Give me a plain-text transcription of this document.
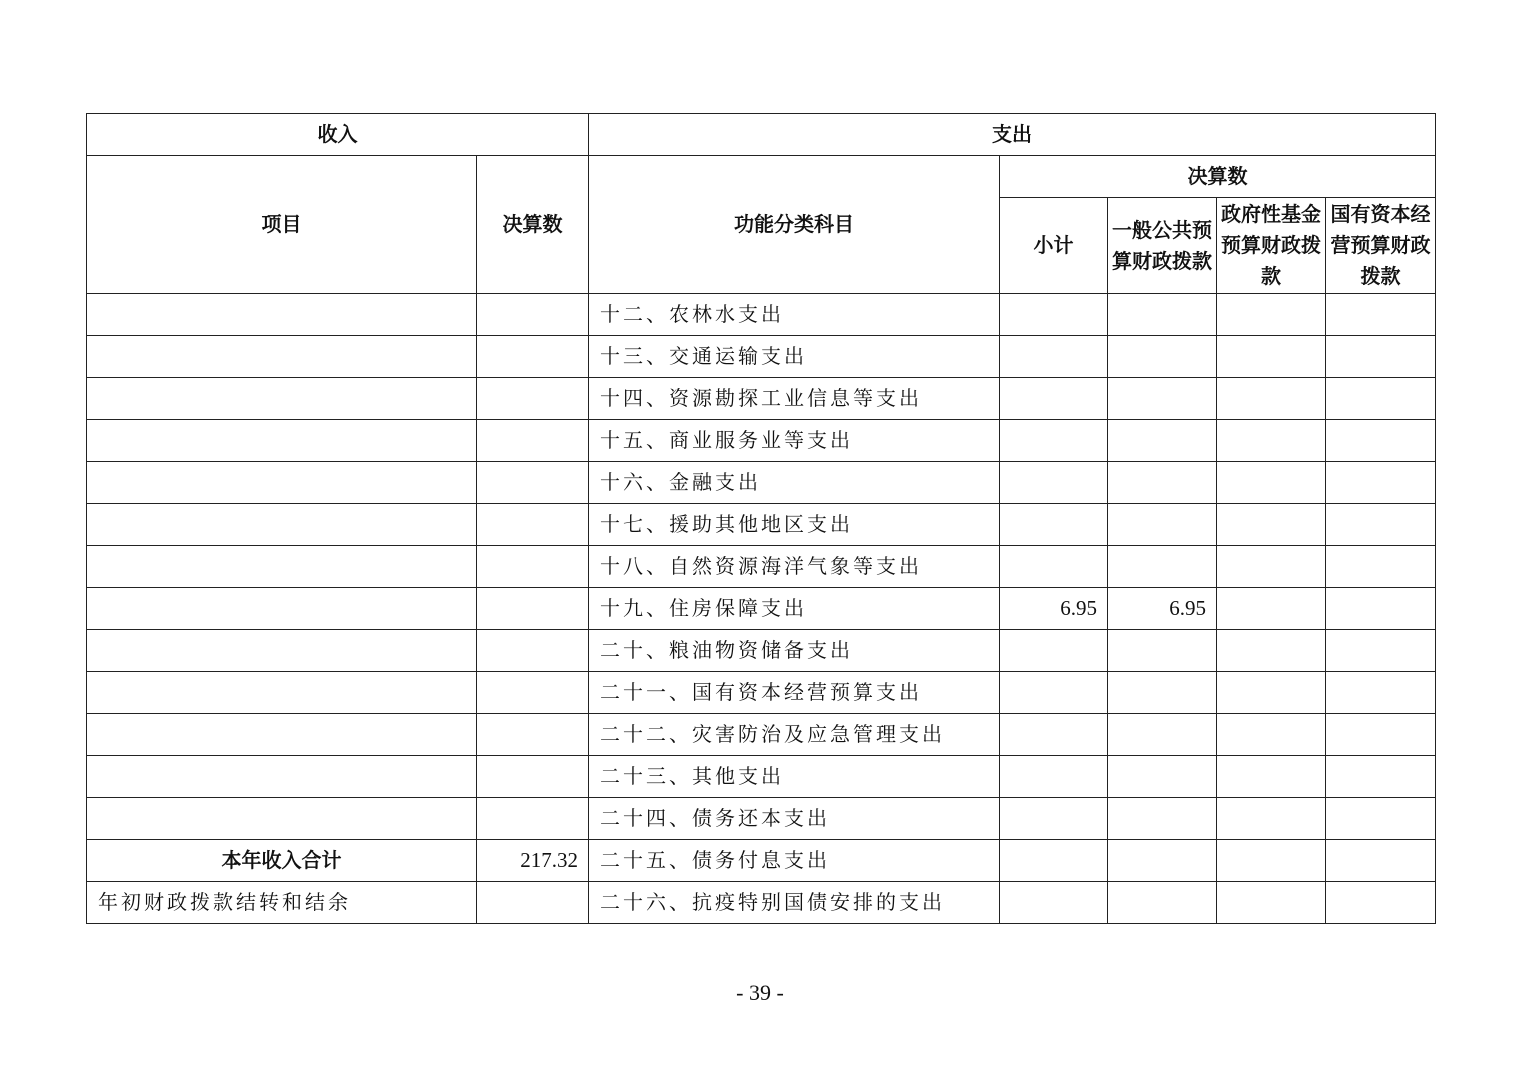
收入		支出				
项目	决算数	功能分类科目	决算数			
			小计	一般公共预算财政拨款	政府性基金预算财政拨款	国有资本经营预算财政拨款
		十二、农林水支出				
		十三、交通运输支出				
		十四、资源勘探工业信息等支出				
		十五、商业服务业等支出				
		十六、金融支出				
		十七、援助其他地区支出				
		十八、自然资源海洋气象等支出				
		十九、住房保障支出	6.95	6.95		
		二十、粮油物资储备支出				
		二十一、国有资本经营预算支出				
		二十二、灾害防治及应急管理支出				
		二十三、其他支出				
		二十四、债务还本支出				
本年收入合计	217.32	二十五、债务付息支出				
年初财政拨款结转和结余		二十六、抗疫特别国债安排的支出				
- 39 -
